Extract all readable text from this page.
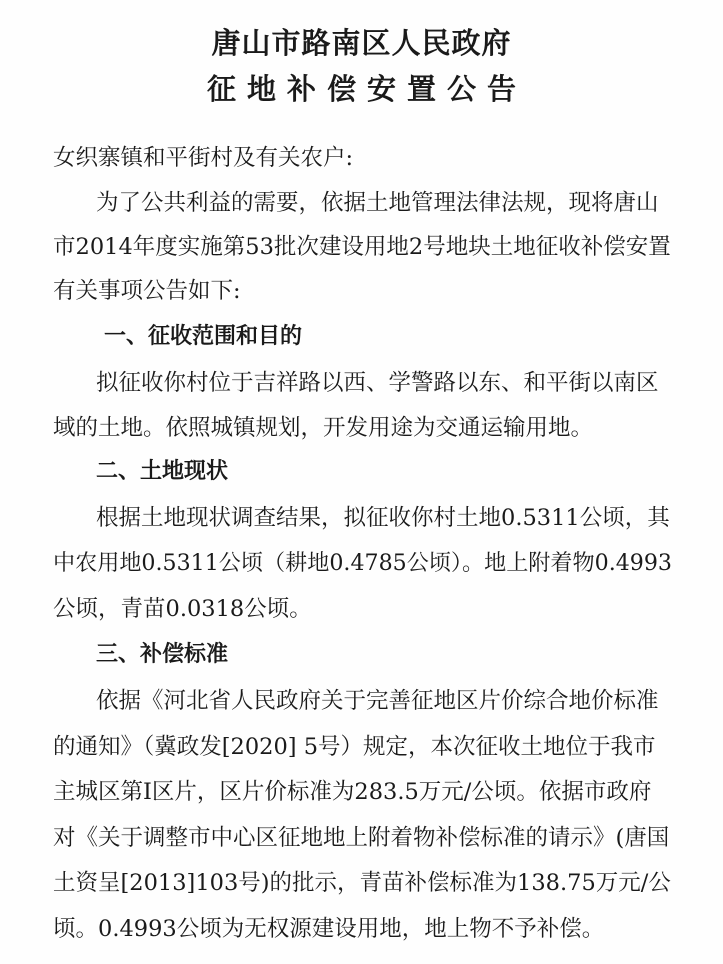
唐山市路南区人民政府
征地补偿安置公告
女织寨镇和平街村及有关农户:
为了公共利益的需要，依据土地管理法律法规，现将唐山
市2014年度实施第53批次建设用地2号地块土地征收补偿安置
有关事项公告如下:
一、征收范围和目的
拟征收你村位于吉祥路以西、学警路以东、和平街以南区
域的土地。依照城镇规划，开发用途为交通运输用地。
二、土地现状
根据土地现状调查结果，拟征收你村土地0.5311公顷，其
中农用地0.5311公顷（耕地0.4785公顷）。地上附着物0.4993
公顷，青苗0.0318公顷。
三、补偿标准
依据《河北省人民政府关于完善征地区片价综合地价标准
的通知》（冀政发[2020] 5号）规定，本次征收土地位于我市
主城区第Ⅰ区片，区片价标准为283.5万元/公顷。依据市政府
对《关于调整市中心区征地地上附着物补偿标准的请示》(唐国
土资呈[2013]103号)的批示，青苗补偿标准为138.75万元/公
顷。0.4993公顷为无权源建设用地，地上物不予补偿。
